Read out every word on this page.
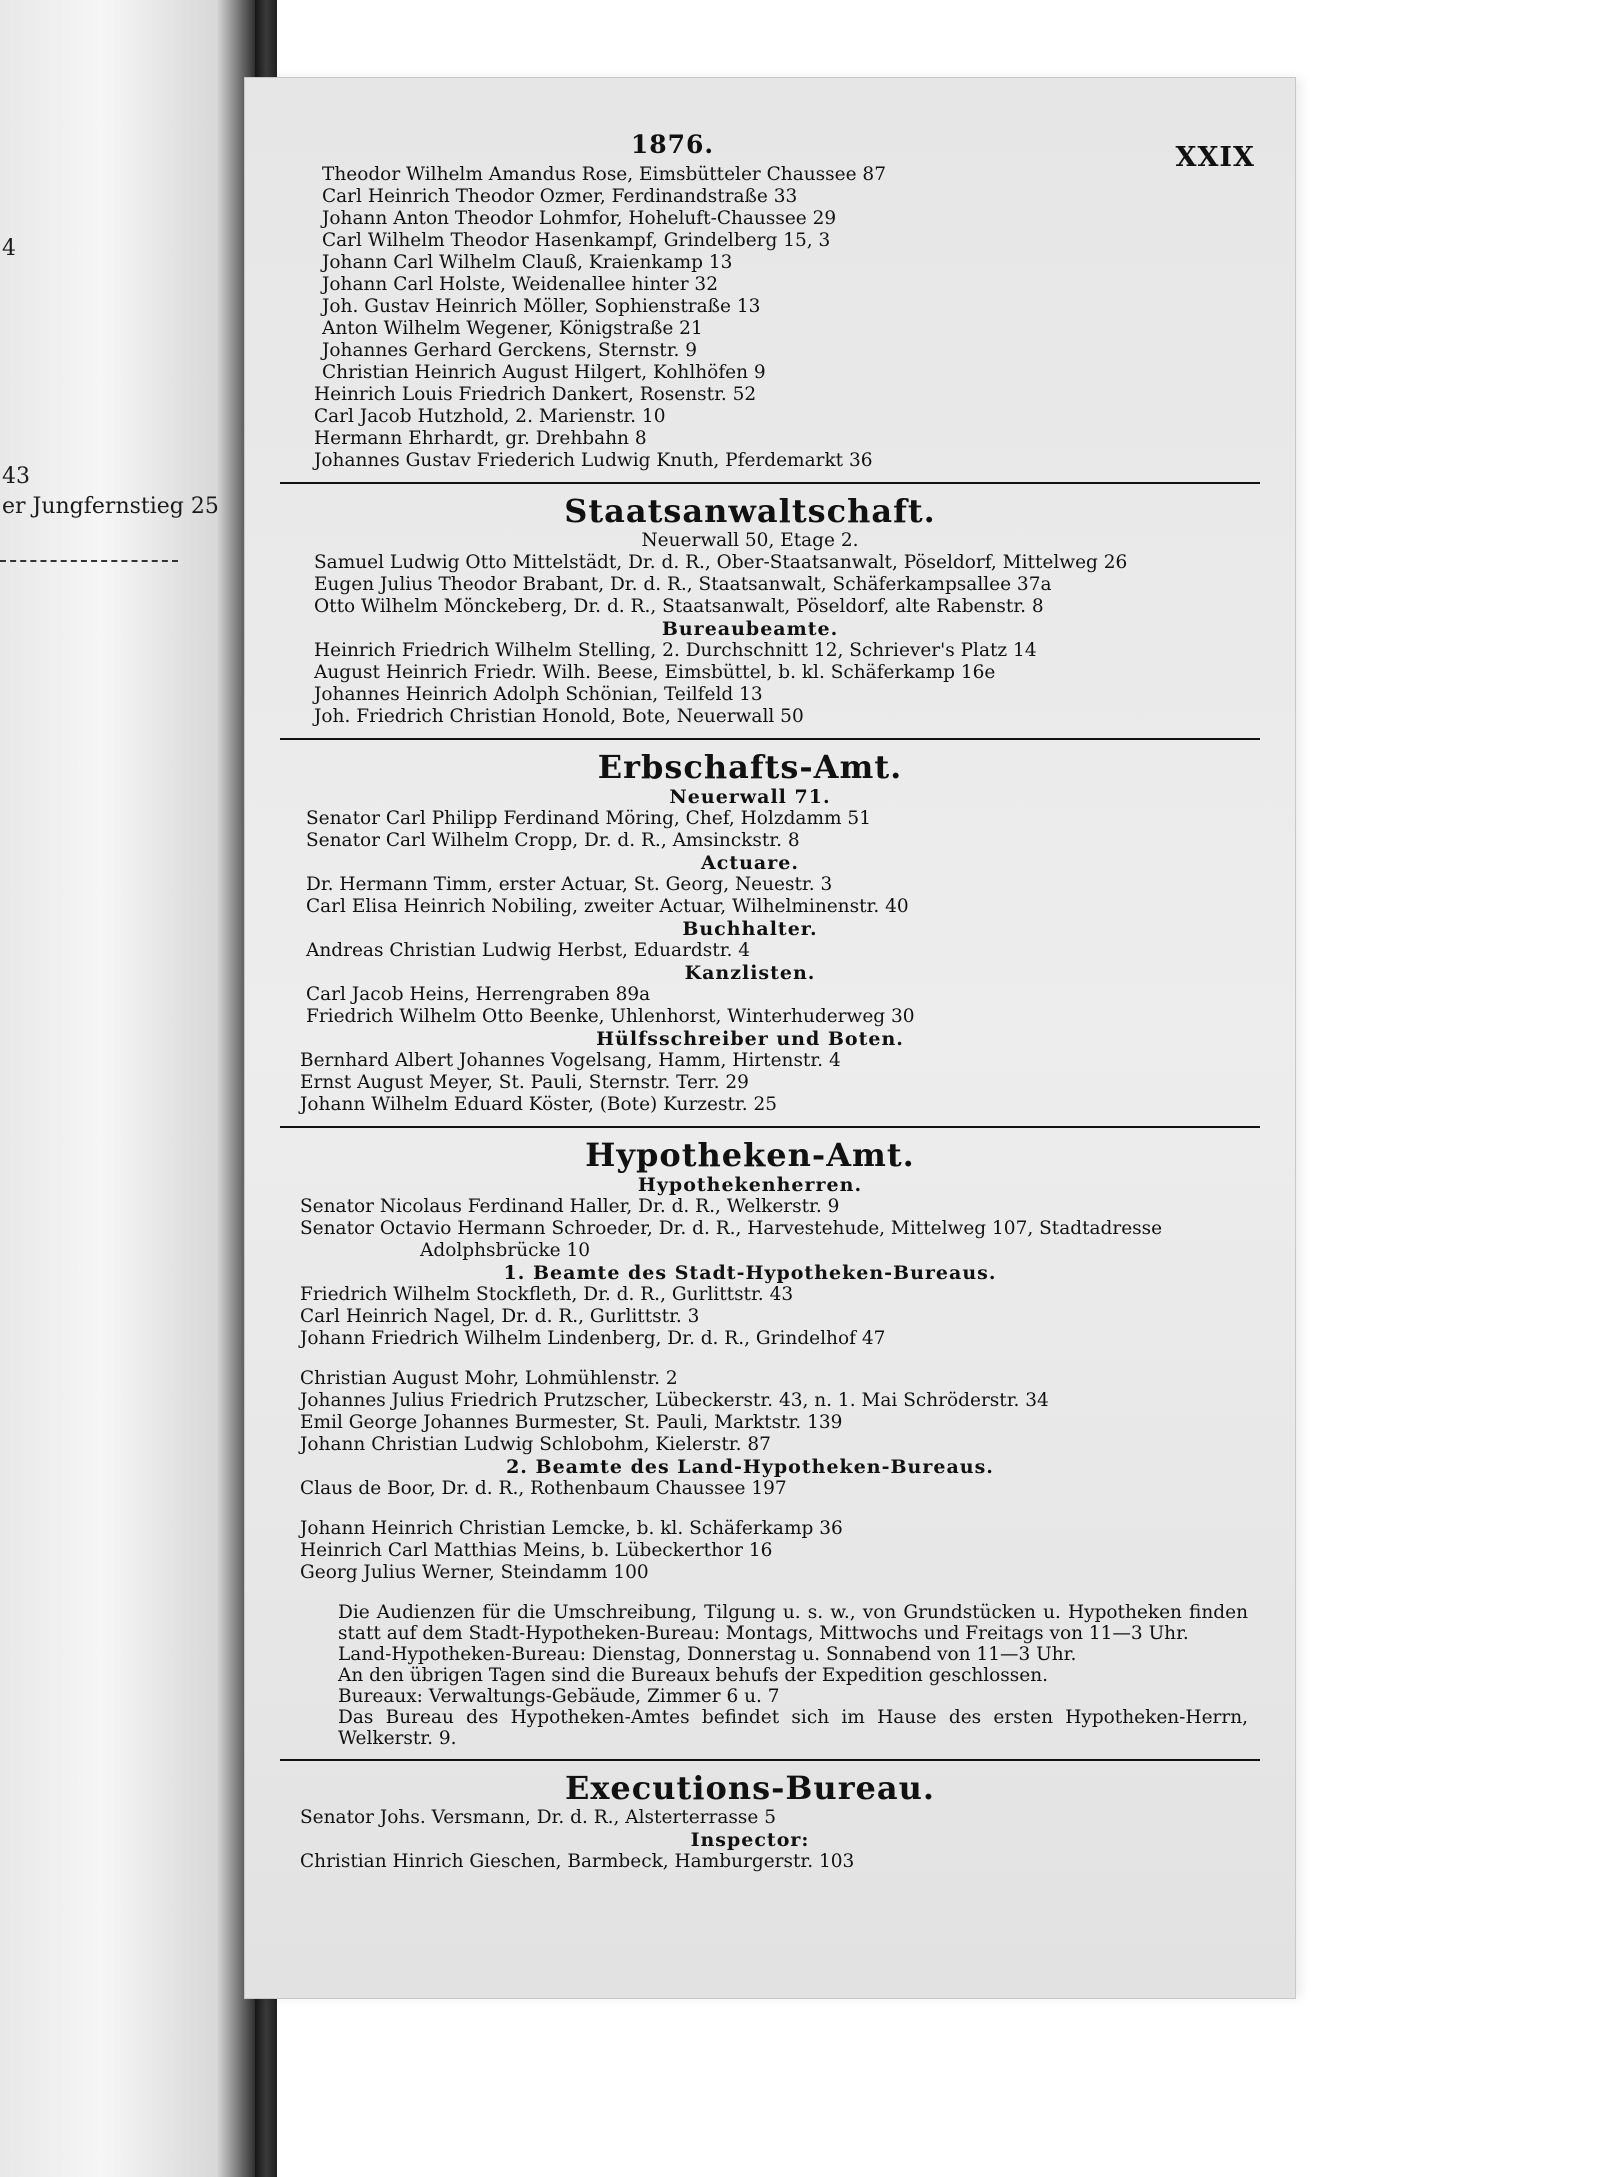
4
43
er Jungfernstieg 25
1876.	XXIX
Theodor Wilhelm Amandus Rose, Eimsbütteler Chaussee 87
Carl Heinrich Theodor Ozmer, Ferdinandstraße 33
Johann Anton Theodor Lohmfor, Hoheluft-Chaussee 29
Carl Wilhelm Theodor Hasenkampf, Grindelberg 15, 3
Johann Carl Wilhelm Clauß, Kraienkamp 13
Johann Carl Holste, Weidenallee hinter 32
Joh. Gustav Heinrich Möller, Sophienstraße 13
Anton Wilhelm Wegener, Königstraße 21
Johannes Gerhard Gerckens, Sternstr. 9
Christian Heinrich August Hilgert, Kohlhöfen 9
Heinrich Louis Friedrich Dankert, Rosenstr. 52
Carl Jacob Hutzhold, 2. Marienstr. 10
Hermann Ehrhardt, gr. Drehbahn 8
Johannes Gustav Friederich Ludwig Knuth, Pferdemarkt 36
Staatsanwaltschaft.
Neuerwall 50, Etage 2.
Samuel Ludwig Otto Mittelstädt, Dr. d. R., Ober-Staatsanwalt, Pöseldorf, Mittelweg 26
Eugen Julius Theodor Brabant, Dr. d. R., Staatsanwalt, Schäferkampsallee 37a
Otto Wilhelm Mönckeberg, Dr. d. R., Staatsanwalt, Pöseldorf, alte Rabenstr. 8
Bureaubeamte.
Heinrich Friedrich Wilhelm Stelling, 2. Durchschnitt 12, Schriever's Platz 14
August Heinrich Friedr. Wilh. Beese, Eimsbüttel, b. kl. Schäferkamp 16e
Johannes Heinrich Adolph Schönian, Teilfeld 13
Joh. Friedrich Christian Honold, Bote, Neuerwall 50
Erbschafts-Amt.
Neuerwall 71.
Senator Carl Philipp Ferdinand Möring, Chef, Holzdamm 51
Senator Carl Wilhelm Cropp, Dr. d. R., Amsinckstr. 8
Actuare.
Dr. Hermann Timm, erster Actuar, St. Georg, Neuestr. 3
Carl Elisa Heinrich Nobiling, zweiter Actuar, Wilhelminenstr. 40
Buchhalter.
Andreas Christian Ludwig Herbst, Eduardstr. 4
Kanzlisten.
Carl Jacob Heins, Herrengraben 89a
Friedrich Wilhelm Otto Beenke, Uhlenhorst, Winterhuderweg 30
Hülfsschreiber und Boten.
Bernhard Albert Johannes Vogelsang, Hamm, Hirtenstr. 4
Ernst August Meyer, St. Pauli, Sternstr. Terr. 29
Johann Wilhelm Eduard Köster, (Bote) Kurzestr. 25
Hypotheken-Amt.
Hypothekenherren.
Senator Nicolaus Ferdinand Haller, Dr. d. R., Welkerstr. 9
Senator Octavio Hermann Schroeder, Dr. d. R., Harvestehude, Mittelweg 107, Stadtadresse
Adolphsbrücke 10
1. Beamte des Stadt-Hypotheken-Bureaus.
Friedrich Wilhelm Stockfleth, Dr. d. R., Gurlittstr. 43
Carl Heinrich Nagel, Dr. d. R., Gurlittstr. 3
Johann Friedrich Wilhelm Lindenberg, Dr. d. R., Grindelhof 47
Christian August Mohr, Lohmühlenstr. 2
Johannes Julius Friedrich Prutzscher, Lübeckerstr. 43, n. 1. Mai Schröderstr. 34
Emil George Johannes Burmester, St. Pauli, Marktstr. 139
Johann Christian Ludwig Schlobohm, Kielerstr. 87
2. Beamte des Land-Hypotheken-Bureaus.
Claus de Boor, Dr. d. R., Rothenbaum Chaussee 197
Johann Heinrich Christian Lemcke, b. kl. Schäferkamp 36
Heinrich Carl Matthias Meins, b. Lübeckerthor 16
Georg Julius Werner, Steindamm 100
Die Audienzen für die Umschreibung, Tilgung u. s. w., von Grundstücken u. Hypotheken finden statt auf dem Stadt-Hypotheken-Bureau: Montags, Mittwochs und Freitags von 11—3 Uhr.
Land-Hypotheken-Bureau: Dienstag, Donnerstag u. Sonnabend von 11—3 Uhr.
An den übrigen Tagen sind die Bureaux behufs der Expedition geschlossen.
Bureaux: Verwaltungs-Gebäude, Zimmer 6 u. 7
Das Bureau des Hypotheken-Amtes befindet sich im Hause des ersten Hypotheken-Herrn, Welkerstr. 9.
Executions-Bureau.
Senator Johs. Versmann, Dr. d. R., Alsterterrasse 5
Inspector:
Christian Hinrich Gieschen, Barmbeck, Hamburgerstr. 103
